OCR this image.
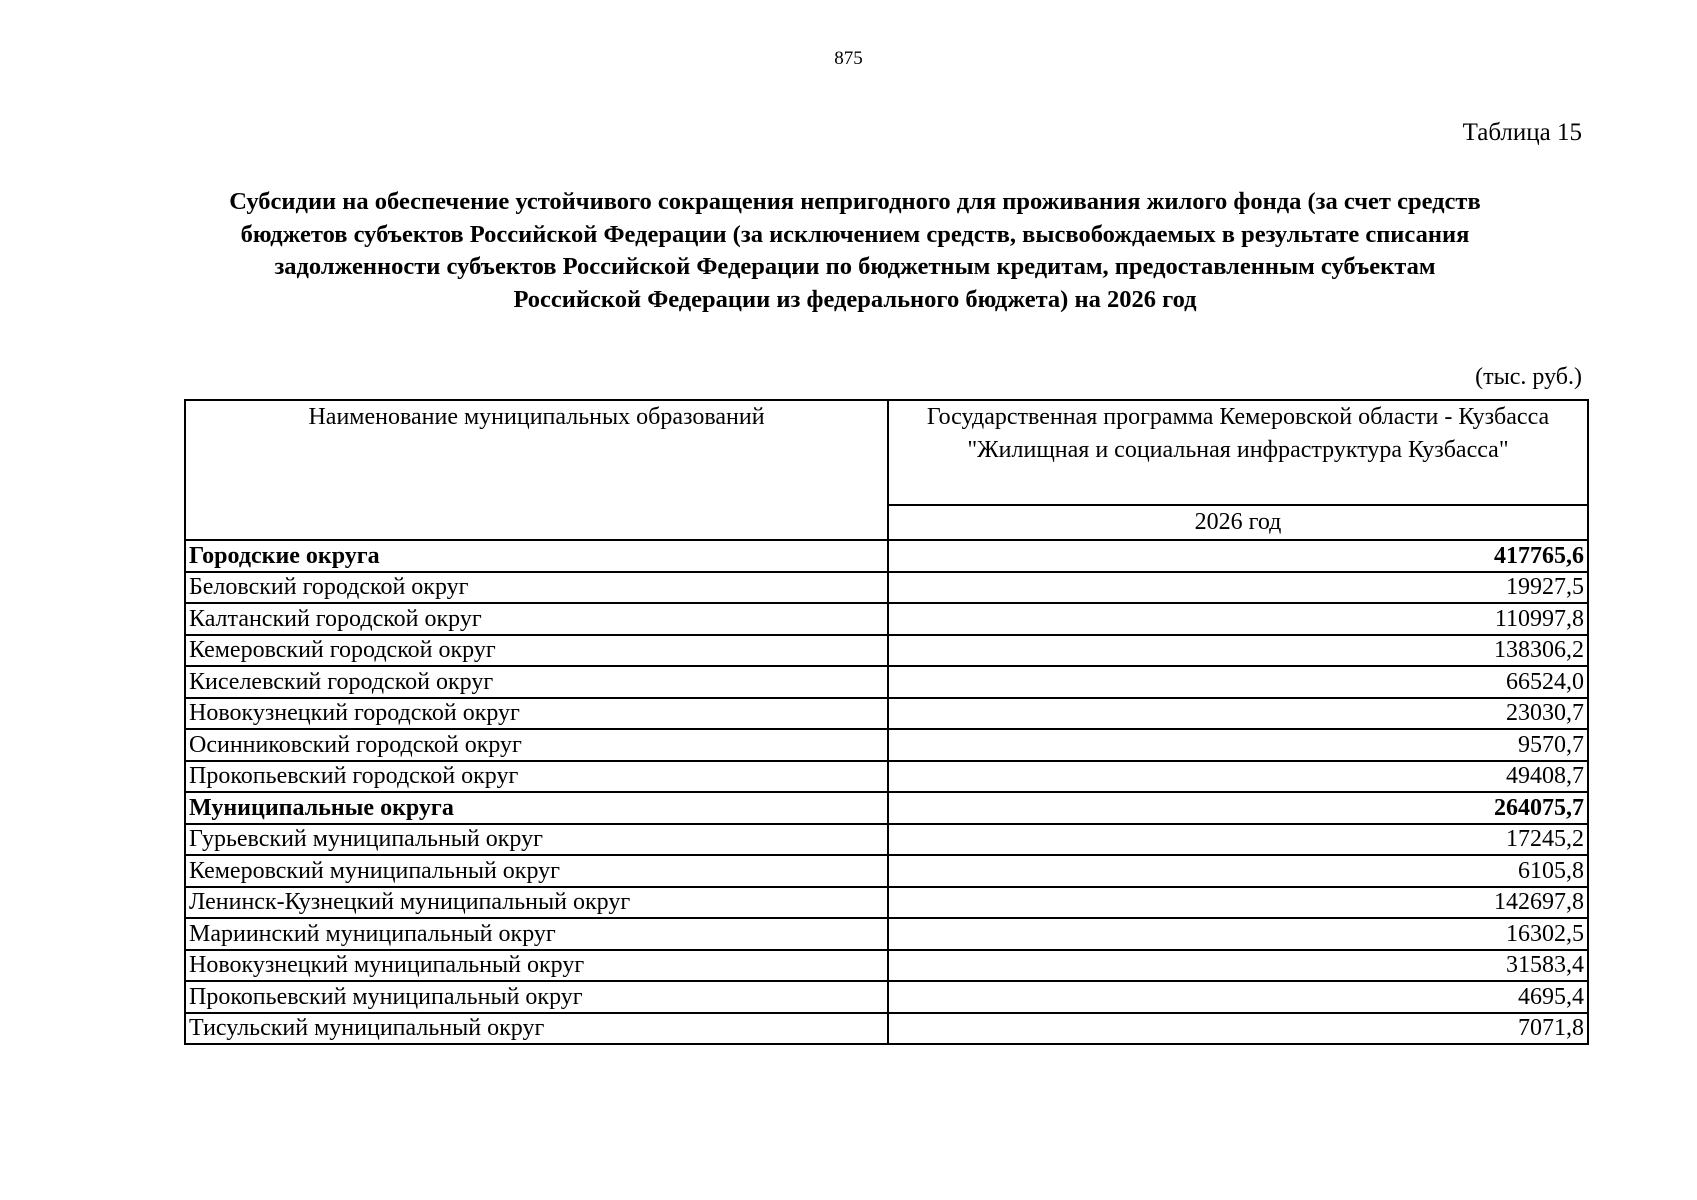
875
Таблица 15
Субсидии на обеспечение устойчивого сокращения непригодного для проживания жилого фонда (за счет средств
бюджетов субъектов Российской Федерации (за исключением средств, высвобождаемых в результате списания
задолженности субъектов Российской Федерации по бюджетным кредитам, предоставленным субъектам
Российской Федерации из федерального бюджета) на 2026 год
(тыс. руб.)
Наименование муниципальных образований	Государственная программа Кемеровской области - Кузбасса
"Жилищная и социальная инфраструктура Кузбасса"

	2026 год
Городские округа	417765,6
Беловский городской округ	19927,5
Калтанский городской округ	110997,8
Кемеровский городской округ	138306,2
Киселевский городской округ	66524,0
Новокузнецкий городской округ	23030,7
Осинниковский городской округ	9570,7
Прокопьевский городской округ	49408,7
Муниципальные округа	264075,7
Гурьевский муниципальный округ	17245,2
Кемеровский муниципальный округ	6105,8
Ленинск-Кузнецкий муниципальный округ	142697,8
Мариинский муниципальный округ	16302,5
Новокузнецкий муниципальный округ	31583,4
Прокопьевский муниципальный округ	4695,4
Тисульский муниципальный округ	7071,8
